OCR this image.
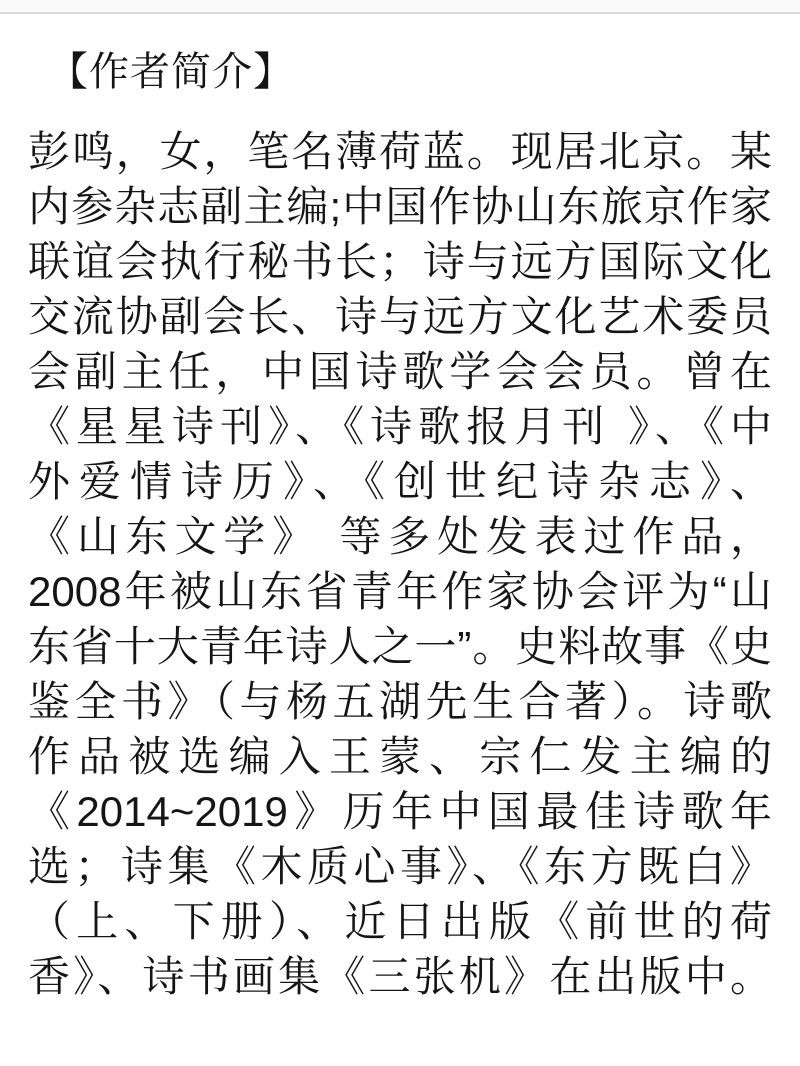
【作者简介】
彭鸣，女，笔名薄荷蓝。现居北京。某
内参杂志副主编;中国作协山东旅京作家
联谊会执行秘书长；诗与远方国际文化
交流协副会长、诗与远方文化艺术委员
会副主任，中国诗歌学会会员。曾在
《星星诗刊》、《诗歌报月刊 》、《中
外爱情诗历》、《创世纪诗杂志》、
《山东文学》 等多处发表过作品，
2008年被山东省青年作家协会评为“山
东省十大青年诗人之一”。史料故事《史
鉴全书》（与杨五湖先生合著）。诗歌
作品被选编入王蒙、宗仁发主编的
《2014~2019》历年中国最佳诗歌年
选；诗集《木质心事》、《东方既白》
（上、下册）、近日出版《前世的荷
香》、诗书画集《三张机》在出版中。
